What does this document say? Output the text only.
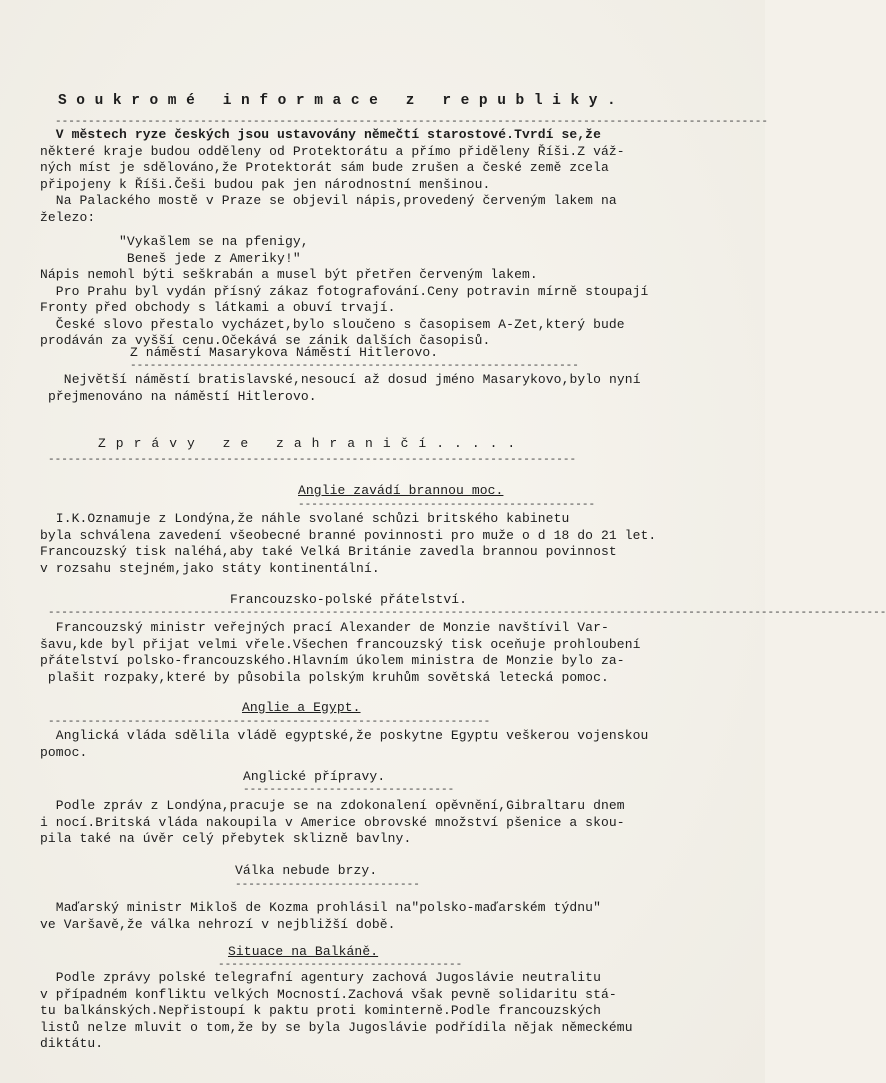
Soukromé informace z republiky.
------------------------------------------------------------------------------------------------------------
V městech ryze českých jsou ustavovány němečtí starostové.Tvrdí se,že
některé kraje budou odděleny od Protektorátu a přímo přiděleny Říši.Z váž-
ných míst je sdělováno,že Protektorát sám bude zrušen a české země zcela
připojeny k Říši.Češi budou pak jen národnostní menšinou.
Na Palackého mostě v Praze se objevil nápis,provedený červeným lakem na
železo:
"Vykašlem se na pfenigy,
Beneš jede z Ameriky!"
Nápis nemohl býti seškrabán a musel být přetřen červeným lakem.
Pro Prahu byl vydán přísný zákaz fotografování.Ceny potravin mírně stoupají
Fronty před obchody s látkami a obuví trvají.
České slovo přestalo vycházet,bylo sloučeno s časopisem A-Zet,který bude
prodáván za vyšší cenu.Očekává se zánik dalších časopisů.
Z náměstí Masarykova Náměstí Hitlerovo.
--------------------------------------------------------------------
Největší náměstí bratislavské,nesoucí až dosud jméno Masarykovo,bylo nyní
přejmenováno na náměstí Hitlerovo.
Zprávy ze zahraničí.....
--------------------------------------------------------------------------------
Anglie zavádí brannou moc.
---------------------------------------------
I.K.Oznamuje z Londýna,že náhle svolané schůzi britského kabinetu
byla schválena zavedení všeobecné branné povinnosti pro muže o d 18 do 21 let.
Francouzský tisk naléhá,aby také Velká Británie zavedla brannou povinnost
v rozsahu stejném,jako státy kontinentální.
Francouzsko-polské přátelství.
-------------------------------------------------------------------------------------------------------------------------------
Francouzský ministr veřejných prací Alexander de Monzie navštívil Var-
šavu,kde byl přijat velmi vřele.Všechen francouzský tisk oceňuje prohloubení
přátelství polsko-francouzského.Hlavním úkolem ministra de Monzie bylo za-
plašit rozpaky,které by působila polským kruhům sovětská letecká pomoc.
Anglie a Egypt.
-------------------------------------------------------------------
Anglická vláda sdělila vládě egyptské,že poskytne Egyptu veškerou vojenskou
pomoc.
Anglické přípravy.
--------------------------------
Podle zpráv z Londýna,pracuje se na zdokonalení opěvnění,Gibraltaru dnem
i nocí.Britská vláda nakoupila v Americe obrovské množství pšenice a skou-
pila také na úvěr celý přebytek sklizně bavlny.
Válka nebude brzy.
----------------------------
Maďarský ministr Mikloš de Kozma prohlásil na"polsko-maďarském týdnu"
ve Varšavě,že válka nehrozí v nejbližší době.
Situace na Balkáně.
-------------------------------------
Podle zprávy polské telegrafní agentury zachová Jugoslávie neutralitu
v případném konfliktu velkých Mocností.Zachová však pevně solidaritu stá-
tu balkánských.Nepřistoupí k paktu proti kominterně.Podle francouzských
listů nelze mluvit o tom,že by se byla Jugoslávie podřídila nějak německému
diktátu.
